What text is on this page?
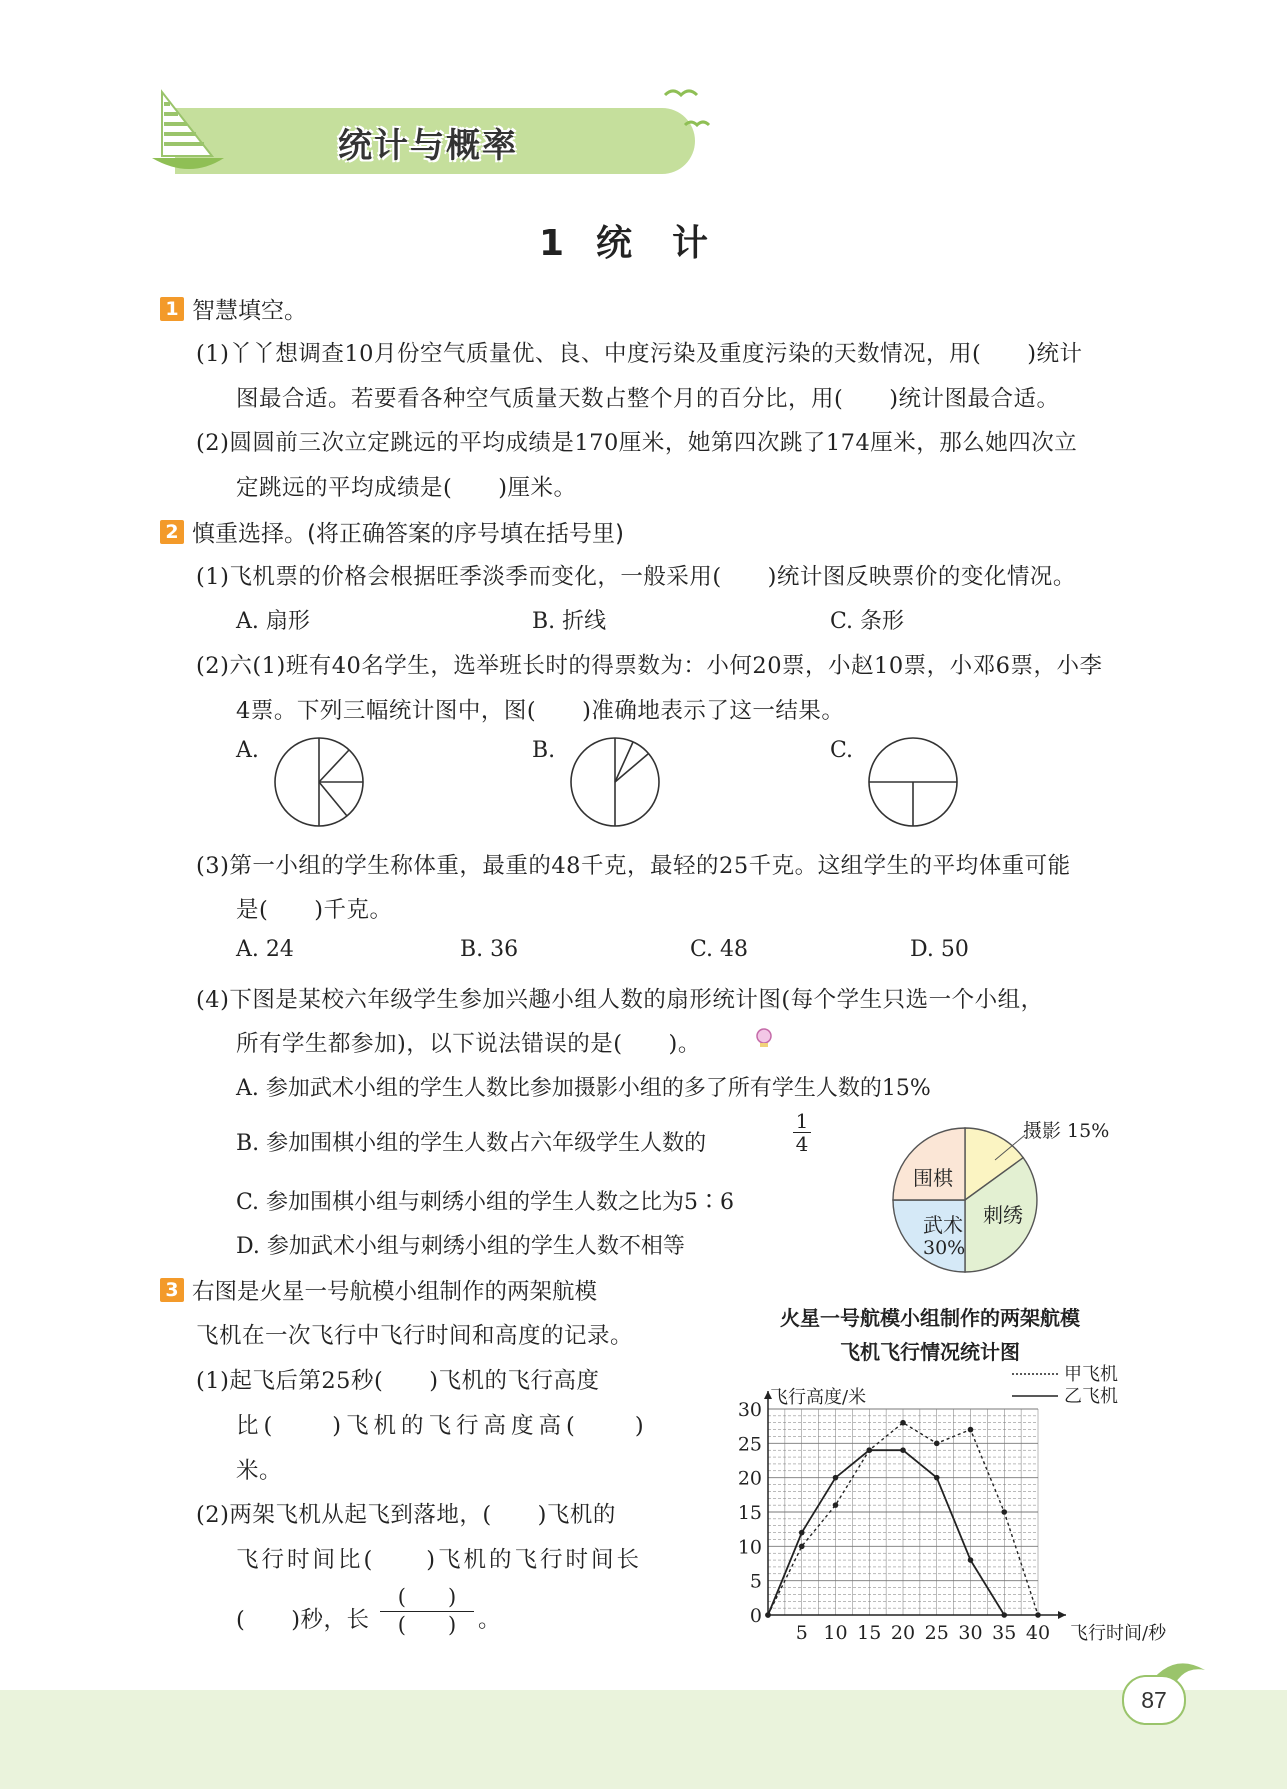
统计与概率
1 统计
1 智慧填空。
(1)丫丫想调查10月份空气质量优、良、中度污染及重度污染的天数情况，用(　　)统计
图最合适。若要看各种空气质量天数占整个月的百分比，用(　　)统计图最合适。
(2)圆圆前三次立定跳远的平均成绩是170厘米，她第四次跳了174厘米，那么她四次立
定跳远的平均成绩是(　　)厘米。
2 慎重选择。(将正确答案的序号填在括号里)
(1)飞机票的价格会根据旺季淡季而变化，一般采用(　　)统计图反映票价的变化情况。
A. 扇形	B. 折线	C. 条形
(2)六(1)班有40名学生，选举班长时的得票数为：小何20票，小赵10票，小邓6票，小李
4票。下列三幅统计图中，图(　　)准确地表示了这一结果。
A.	B.	C.
(3)第一小组的学生称体重，最重的48千克，最轻的25千克。这组学生的平均体重可能
是(　　)千克。
A. 24	B. 36	C. 48	D. 50
(4)下图是某校六年级学生参加兴趣小组人数的扇形统计图(每个学生只选一个小组，
所有学生都参加)，以下说法错误的是(　　)。
A. 参加武术小组的学生人数比参加摄影小组的多了所有学生人数的15%
B. 参加围棋小组的学生人数占六年级学生人数的	$\frac{1}{4}$
C. 参加围棋小组与刺绣小组的学生人数之比为5∶6
D. 参加武术小组与刺绣小组的学生人数不相等
摄影 15%
围棋
刺绣
武术
30%
3 右图是火星一号航模小组制作的两架航模
飞机在一次飞行中飞行时间和高度的记录。
(1)起飞后第25秒(　　)飞机的飞行高度
比(　　)飞机的飞行高度高(　　)
米。
(2)两架飞机从起飞到落地，(　　)飞机的
飞行时间比(　　)飞机的飞行时间长
(　　)秒，长
(　　)
(　　) 。
火星一号航模小组制作的两架航模
飞机飞行情况统计图
0
5
10
15
20
25
30
5 10 15 20 25 30 35 40
飞行高度/米
飞行时间/秒
甲飞机
乙飞机
87
